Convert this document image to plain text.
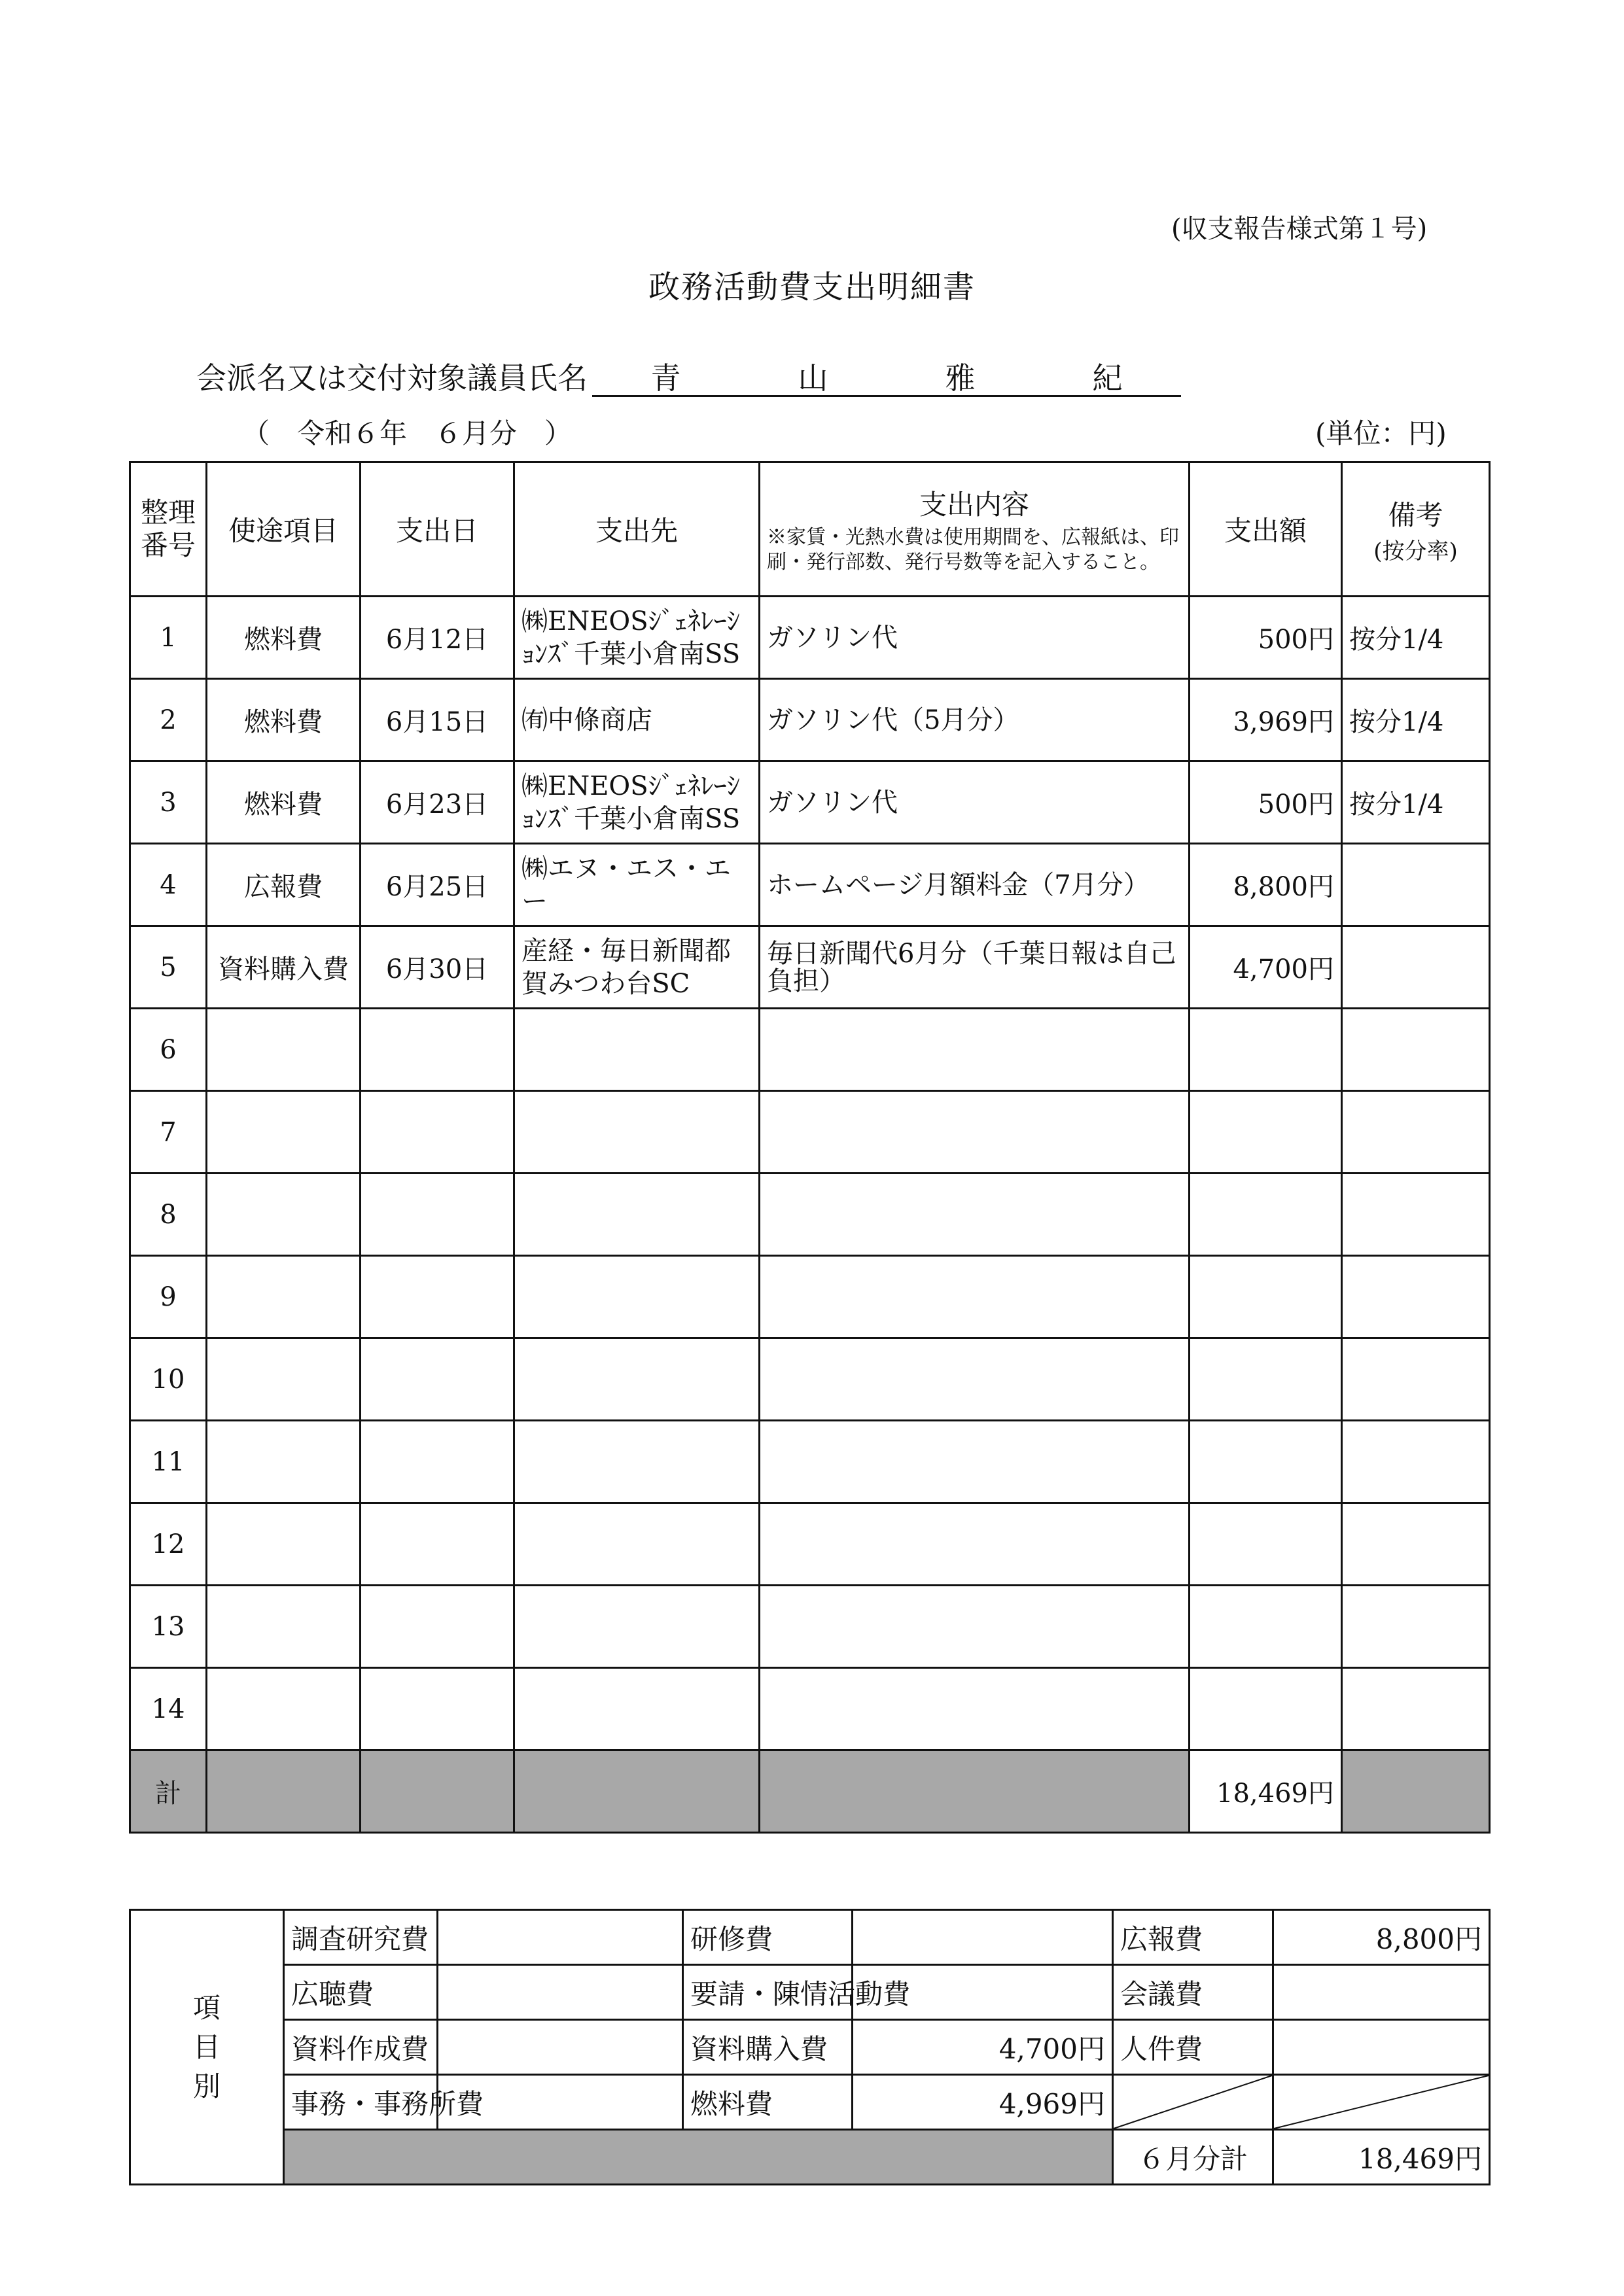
(収支報告様式第１号)
政務活動費支出明細書
会派名又は交付対象議員氏名 青	山	雅	紀
（　令和６年　６月分　）	(単位：円)
整理番号	使途項目	支出日	支出先	支出内容
※家賃・光熱水費は使用期間を、広報紙は、印刷・発行部数、発行号数等を記入すること。	支出額	備考
(按分率)

1	燃料費	6月12日	㈱ENEOSｼﾞｪﾈﾚｰｼｮﾝｽﾞ千葉小倉南SS	ガソリン代	500円	按分1/4
2	燃料費	6月15日	㈲中條商店	ガソリン代（5月分）	3,969円	按分1/4
3	燃料費	6月23日	㈱ENEOSｼﾞｪﾈﾚｰｼｮﾝｽﾞ千葉小倉南SS	ガソリン代	500円	按分1/4
4	広報費	6月25日	㈱エヌ・エス・エー	ホームページ月額料金（7月分）	8,800円	
5	資料購入費	6月30日	産経・毎日新聞都賀みつわ台SC	毎日新聞代6月分（千葉日報は自己負担）	4,700円	
6						
7						
8						
9						
10						
11						
12						
13						
14						
計					18,469円	
項
目
別	調査研究費		研修費		広報費	8,800円
	広聴費		要請・陳情活動費		会議費	
	資料作成費		資料購入費	4,700円	人件費	
	事務・事務所費		燃料費	4,969円	

					６月分計	18,469円
